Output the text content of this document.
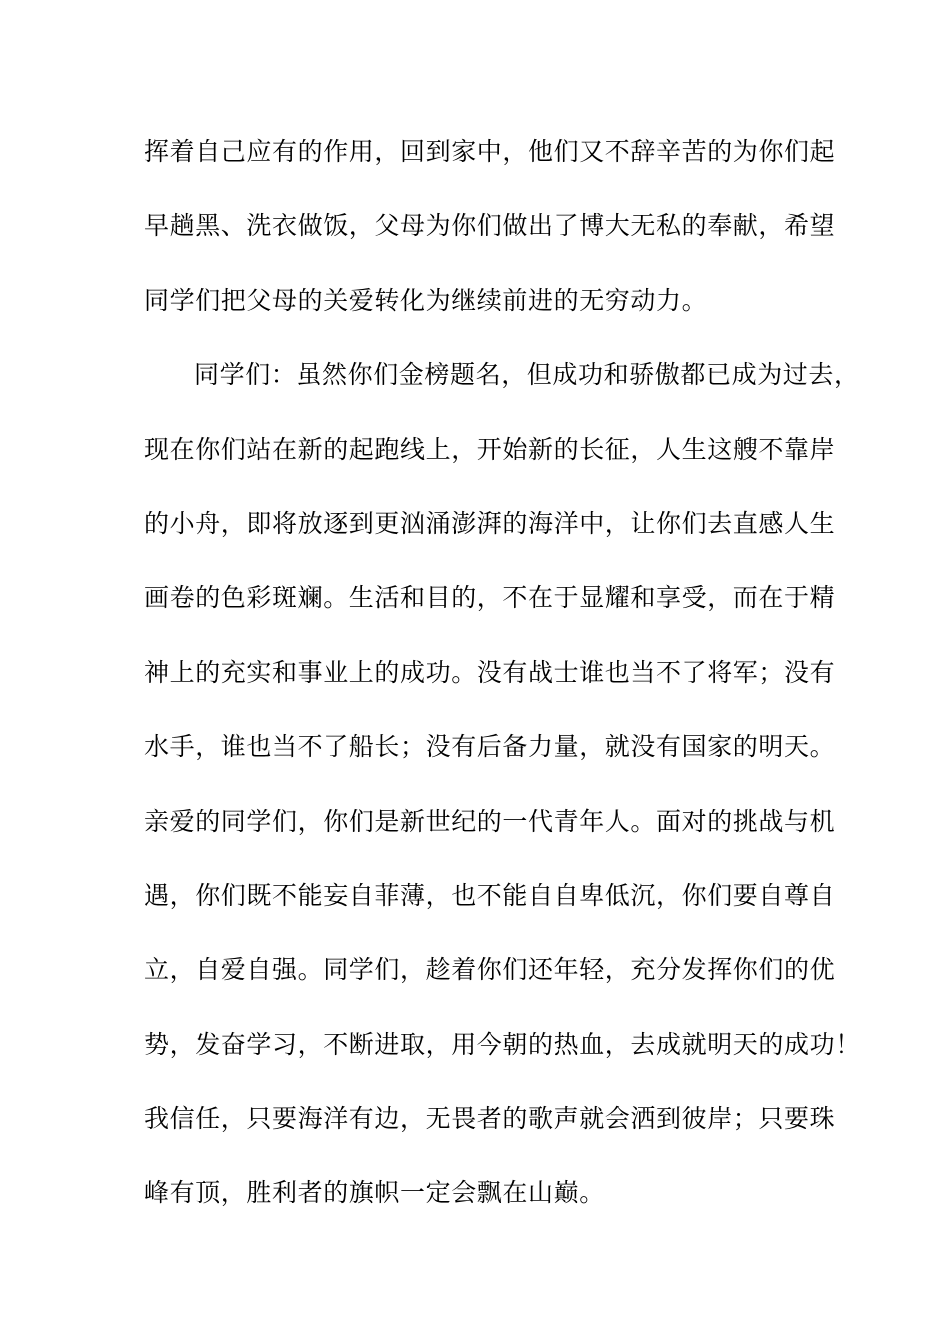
挥着自己应有的作用，回到家中，他们又不辞辛苦的为你们起
早趟黑、洗衣做饭，父母为你们做出了博大无私的奉献，希望
同学们把父母的关爱转化为继续前进的无穷动力。
同学们：虽然你们金榜题名，但成功和骄傲都已成为过去，
现在你们站在新的起跑线上，开始新的长征，人生这艘不靠岸
的小舟，即将放逐到更汹涌澎湃的海洋中，让你们去直感人生
画卷的色彩斑斓。生活和目的，不在于显耀和享受，而在于精
神上的充实和事业上的成功。没有战士谁也当不了将军；没有
水手，谁也当不了船长；没有后备力量，就没有国家的明天。
亲爱的同学们，你们是新世纪的一代青年人。面对的挑战与机
遇，你们既不能妄自菲薄，也不能自自卑低沉，你们要自尊自
立，自爱自强。同学们，趁着你们还年轻，充分发挥你们的优
势，发奋学习，不断进取，用今朝的热血，去成就明天的成功！
我信任，只要海洋有边，无畏者的歌声就会洒到彼岸；只要珠
峰有顶，胜利者的旗帜一定会飘在山巅。
